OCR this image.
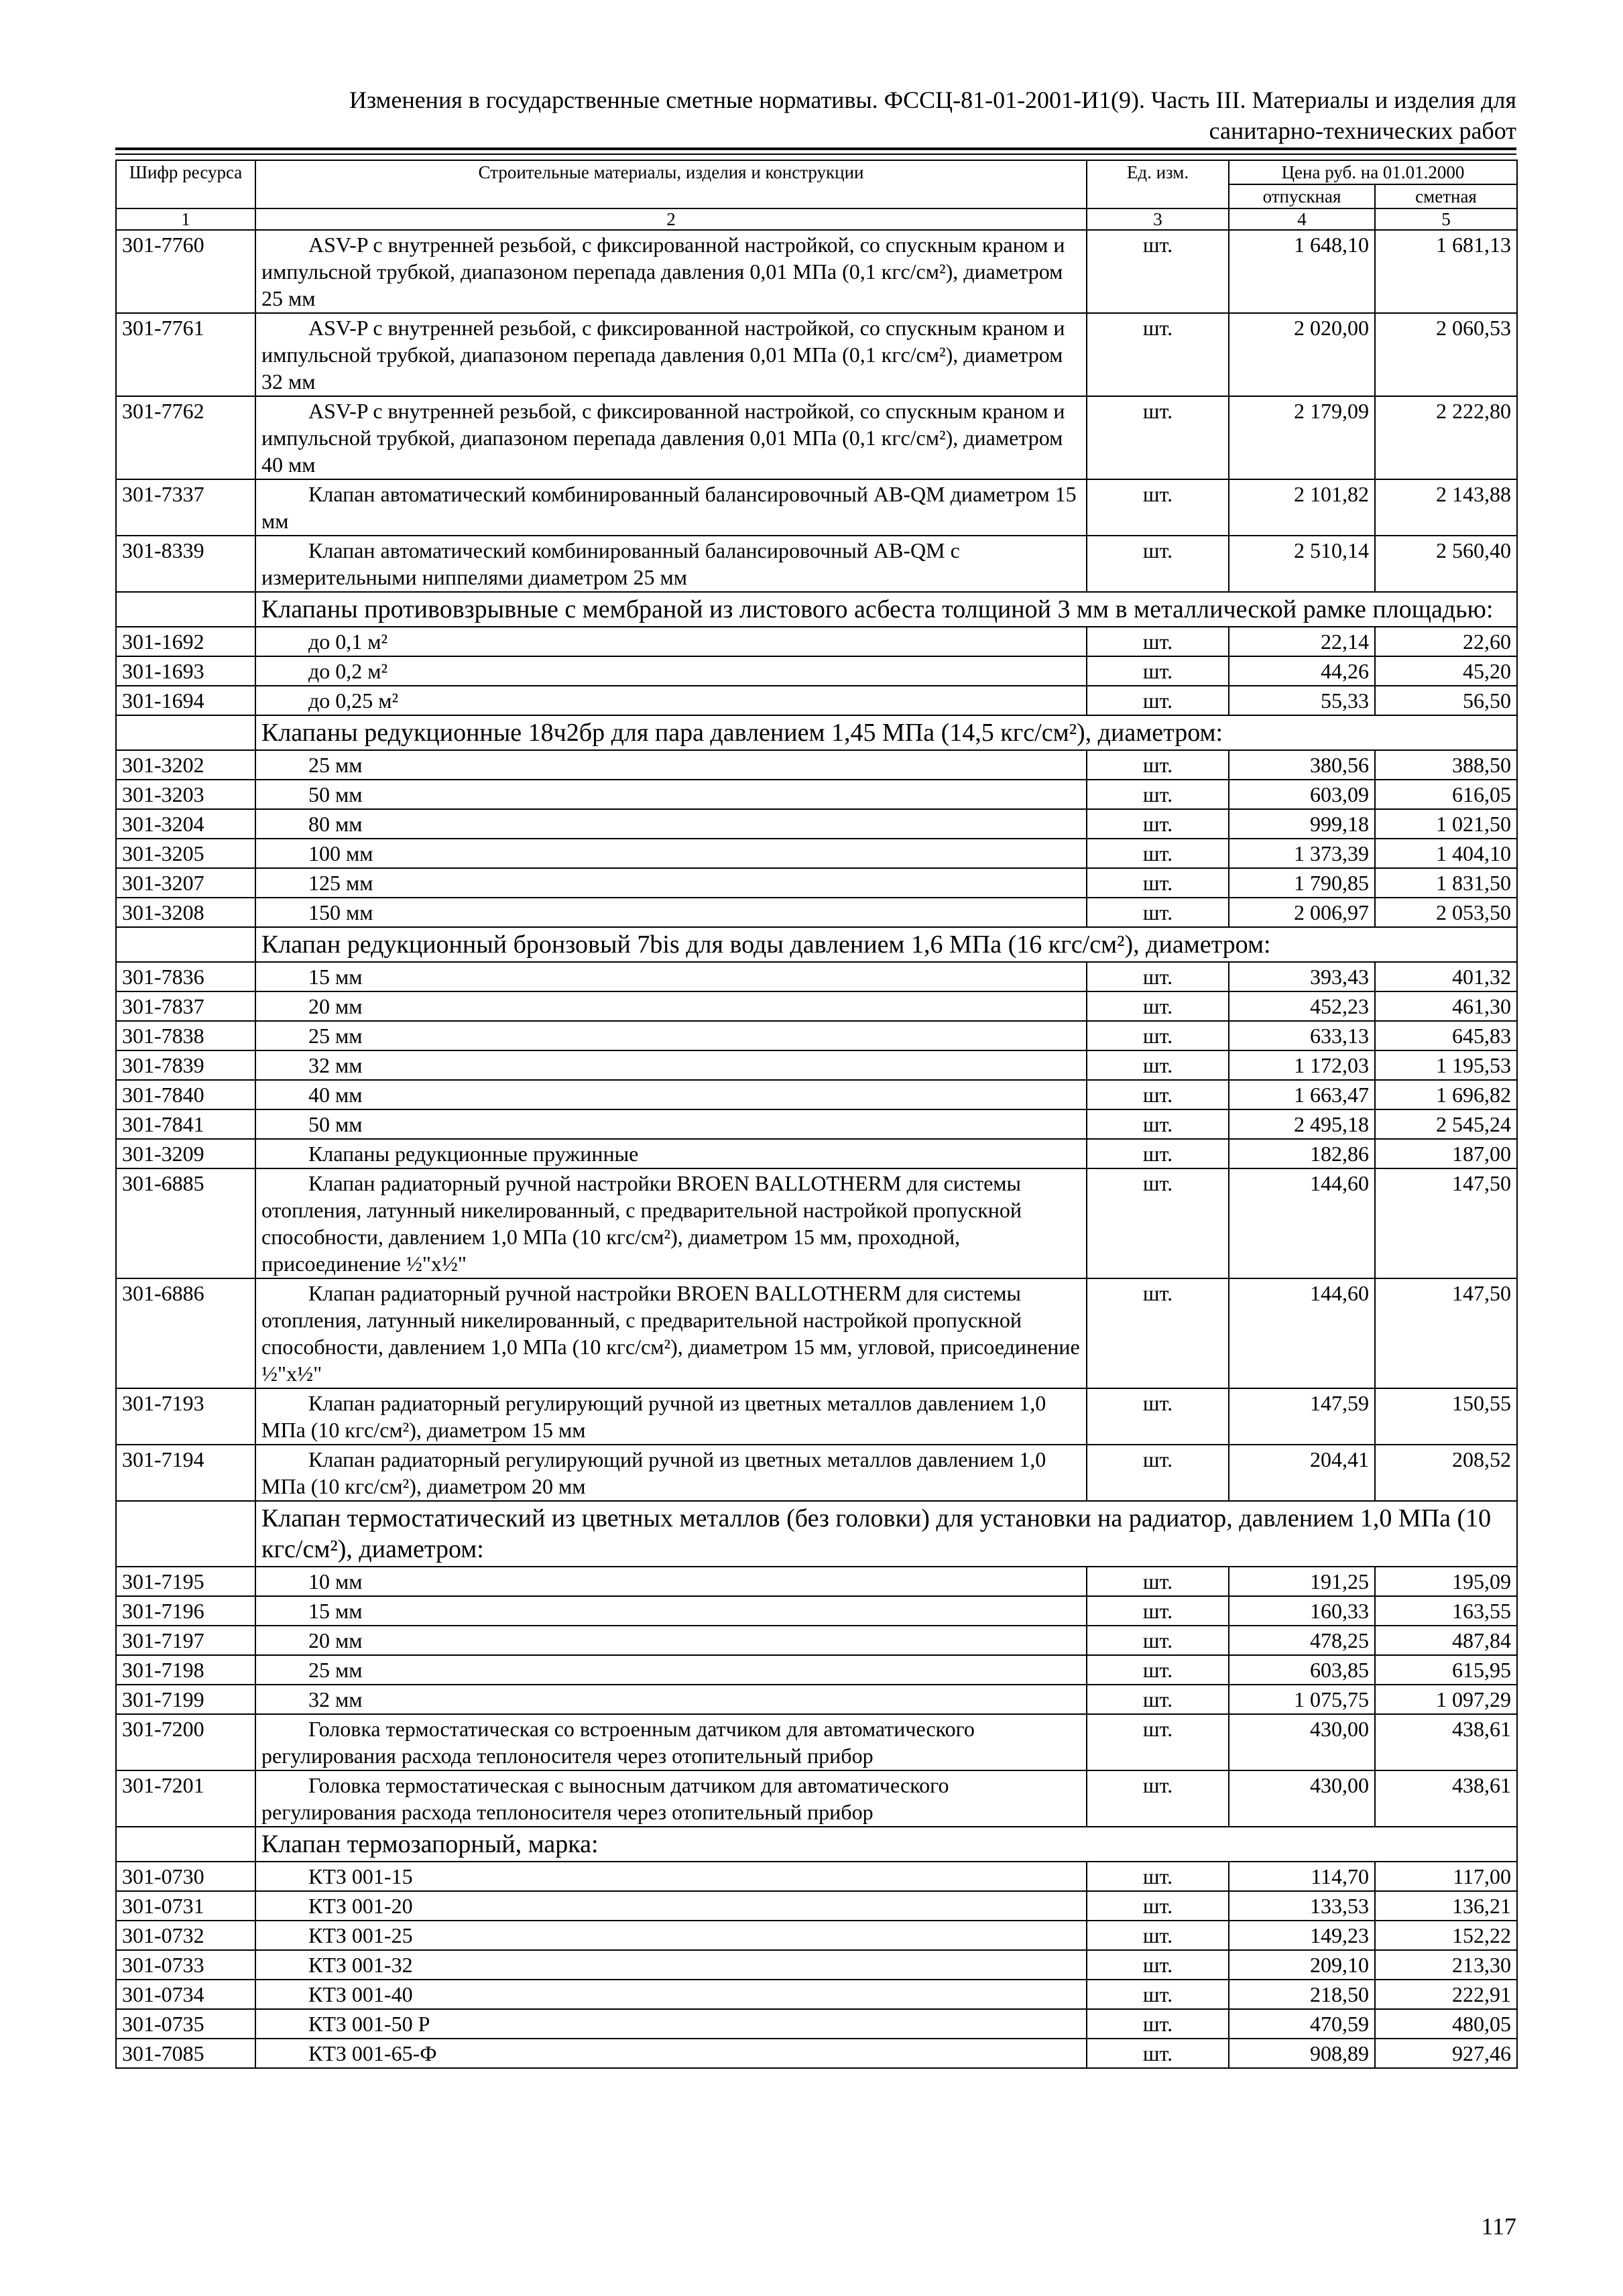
Изменения в государственные сметные нормативы. ФССЦ-81-01-2001-И1(9). Часть III. Материалы и изделия для
санитарно-технических работ
Шифр ресурса	Строительные материалы, изделия и конструкции	Ед. изм.	Цена руб. на 01.01.2000	
			отпускная	сметная
1	2	3	4	5
301-7760	ASV-P с внутренней резьбой, с фиксированной настройкой, со спускным краном и импульсной трубкой, диапазоном перепада давления 0,01 МПа (0,1 кгс/см²), диаметром 25 мм	шт.	1 648,10	1 681,13
301-7761	ASV-P с внутренней резьбой, с фиксированной настройкой, со спускным краном и импульсной трубкой, диапазоном перепада давления 0,01 МПа (0,1 кгс/см²), диаметром 32 мм	шт.	2 020,00	2 060,53
301-7762	ASV-P с внутренней резьбой, с фиксированной настройкой, со спускным краном и импульсной трубкой, диапазоном перепада давления 0,01 МПа (0,1 кгс/см²), диаметром 40 мм	шт.	2 179,09	2 222,80
301-7337	Клапан автоматический комбинированный балансировочный AB-QM диаметром 15 мм	шт.	2 101,82	2 143,88
301-8339	Клапан автоматический комбинированный балансировочный AB-QM с измерительными ниппелями диаметром 25 мм	шт.	2 510,14	2 560,40
	Клапаны противовзрывные с мембраной из листового асбеста толщиной 3 мм в металлической рамке площадью:			
301-1692	до 0,1 м²	шт.	22,14	22,60
301-1693	до 0,2 м²	шт.	44,26	45,20
301-1694	до 0,25 м²	шт.	55,33	56,50
	Клапаны редукционные 18ч2бр для пара давлением 1,45 МПа (14,5 кгс/см²), диаметром:			
301-3202	25 мм	шт.	380,56	388,50
301-3203	50 мм	шт.	603,09	616,05
301-3204	80 мм	шт.	999,18	1 021,50
301-3205	100 мм	шт.	1 373,39	1 404,10
301-3207	125 мм	шт.	1 790,85	1 831,50
301-3208	150 мм	шт.	2 006,97	2 053,50
	Клапан редукционный бронзовый 7bis для воды давлением 1,6 МПа (16 кгс/см²), диаметром:			
301-7836	15 мм	шт.	393,43	401,32
301-7837	20 мм	шт.	452,23	461,30
301-7838	25 мм	шт.	633,13	645,83
301-7839	32 мм	шт.	1 172,03	1 195,53
301-7840	40 мм	шт.	1 663,47	1 696,82
301-7841	50 мм	шт.	2 495,18	2 545,24
301-3209	Клапаны редукционные пружинные	шт.	182,86	187,00
301-6885	Клапан радиаторный ручной настройки BROEN BALLOTHERM для системы отопления, латунный никелированный, с предварительной настройкой пропускной способности, давлением 1,0 МПа (10 кгс/см²), диаметром 15 мм, проходной, присоединение ½"x½"	шт.	144,60	147,50
301-6886	Клапан радиаторный ручной настройки BROEN BALLOTHERM для системы отопления, латунный никелированный, с предварительной настройкой пропускной способности, давлением 1,0 МПа (10 кгс/см²), диаметром 15 мм, угловой, присоединение ½"x½"	шт.	144,60	147,50
301-7193	Клапан радиаторный регулирующий ручной из цветных металлов давлением 1,0 МПа (10 кгс/см²), диаметром 15 мм	шт.	147,59	150,55
301-7194	Клапан радиаторный регулирующий ручной из цветных металлов давлением 1,0 МПа (10 кгс/см²), диаметром 20 мм	шт.	204,41	208,52
	Клапан термостатический из цветных металлов (без головки) для установки на радиатор, давлением 1,0 МПа (10 кгс/см²), диаметром:			
301-7195	10 мм	шт.	191,25	195,09
301-7196	15 мм	шт.	160,33	163,55
301-7197	20 мм	шт.	478,25	487,84
301-7198	25 мм	шт.	603,85	615,95
301-7199	32 мм	шт.	1 075,75	1 097,29
301-7200	Головка термостатическая со встроенным датчиком для автоматического регулирования расхода теплоносителя через отопительный прибор	шт.	430,00	438,61
301-7201	Головка термостатическая с выносным датчиком для автоматического регулирования расхода теплоносителя через отопительный прибор	шт.	430,00	438,61
	Клапан термозапорный, марка:			
301-0730	КТЗ 001-15	шт.	114,70	117,00
301-0731	КТЗ 001-20	шт.	133,53	136,21
301-0732	КТЗ 001-25	шт.	149,23	152,22
301-0733	КТЗ 001-32	шт.	209,10	213,30
301-0734	КТЗ 001-40	шт.	218,50	222,91
301-0735	КТЗ 001-50 Р	шт.	470,59	480,05
301-7085	КТЗ 001-65-Ф	шт.	908,89	927,46
117
